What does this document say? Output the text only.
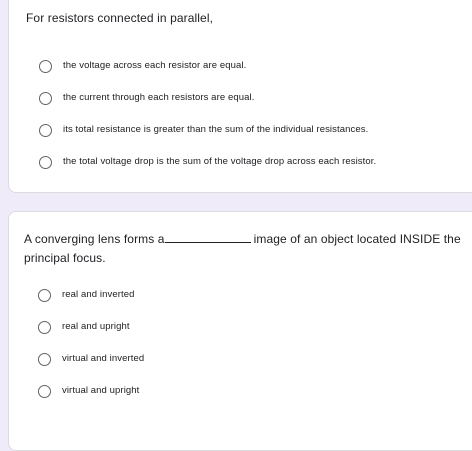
For resistors connected in parallel,
the voltage across each resistor are equal.
the current through each resistors are equal.
its total resistance is greater than the sum of the individual resistances.
the total voltage drop is the sum of the voltage drop across each resistor.
A converging lens forms a	image of an object located INSIDE the principal focus.
real and inverted
real and upright
virtual and inverted
virtual and upright
